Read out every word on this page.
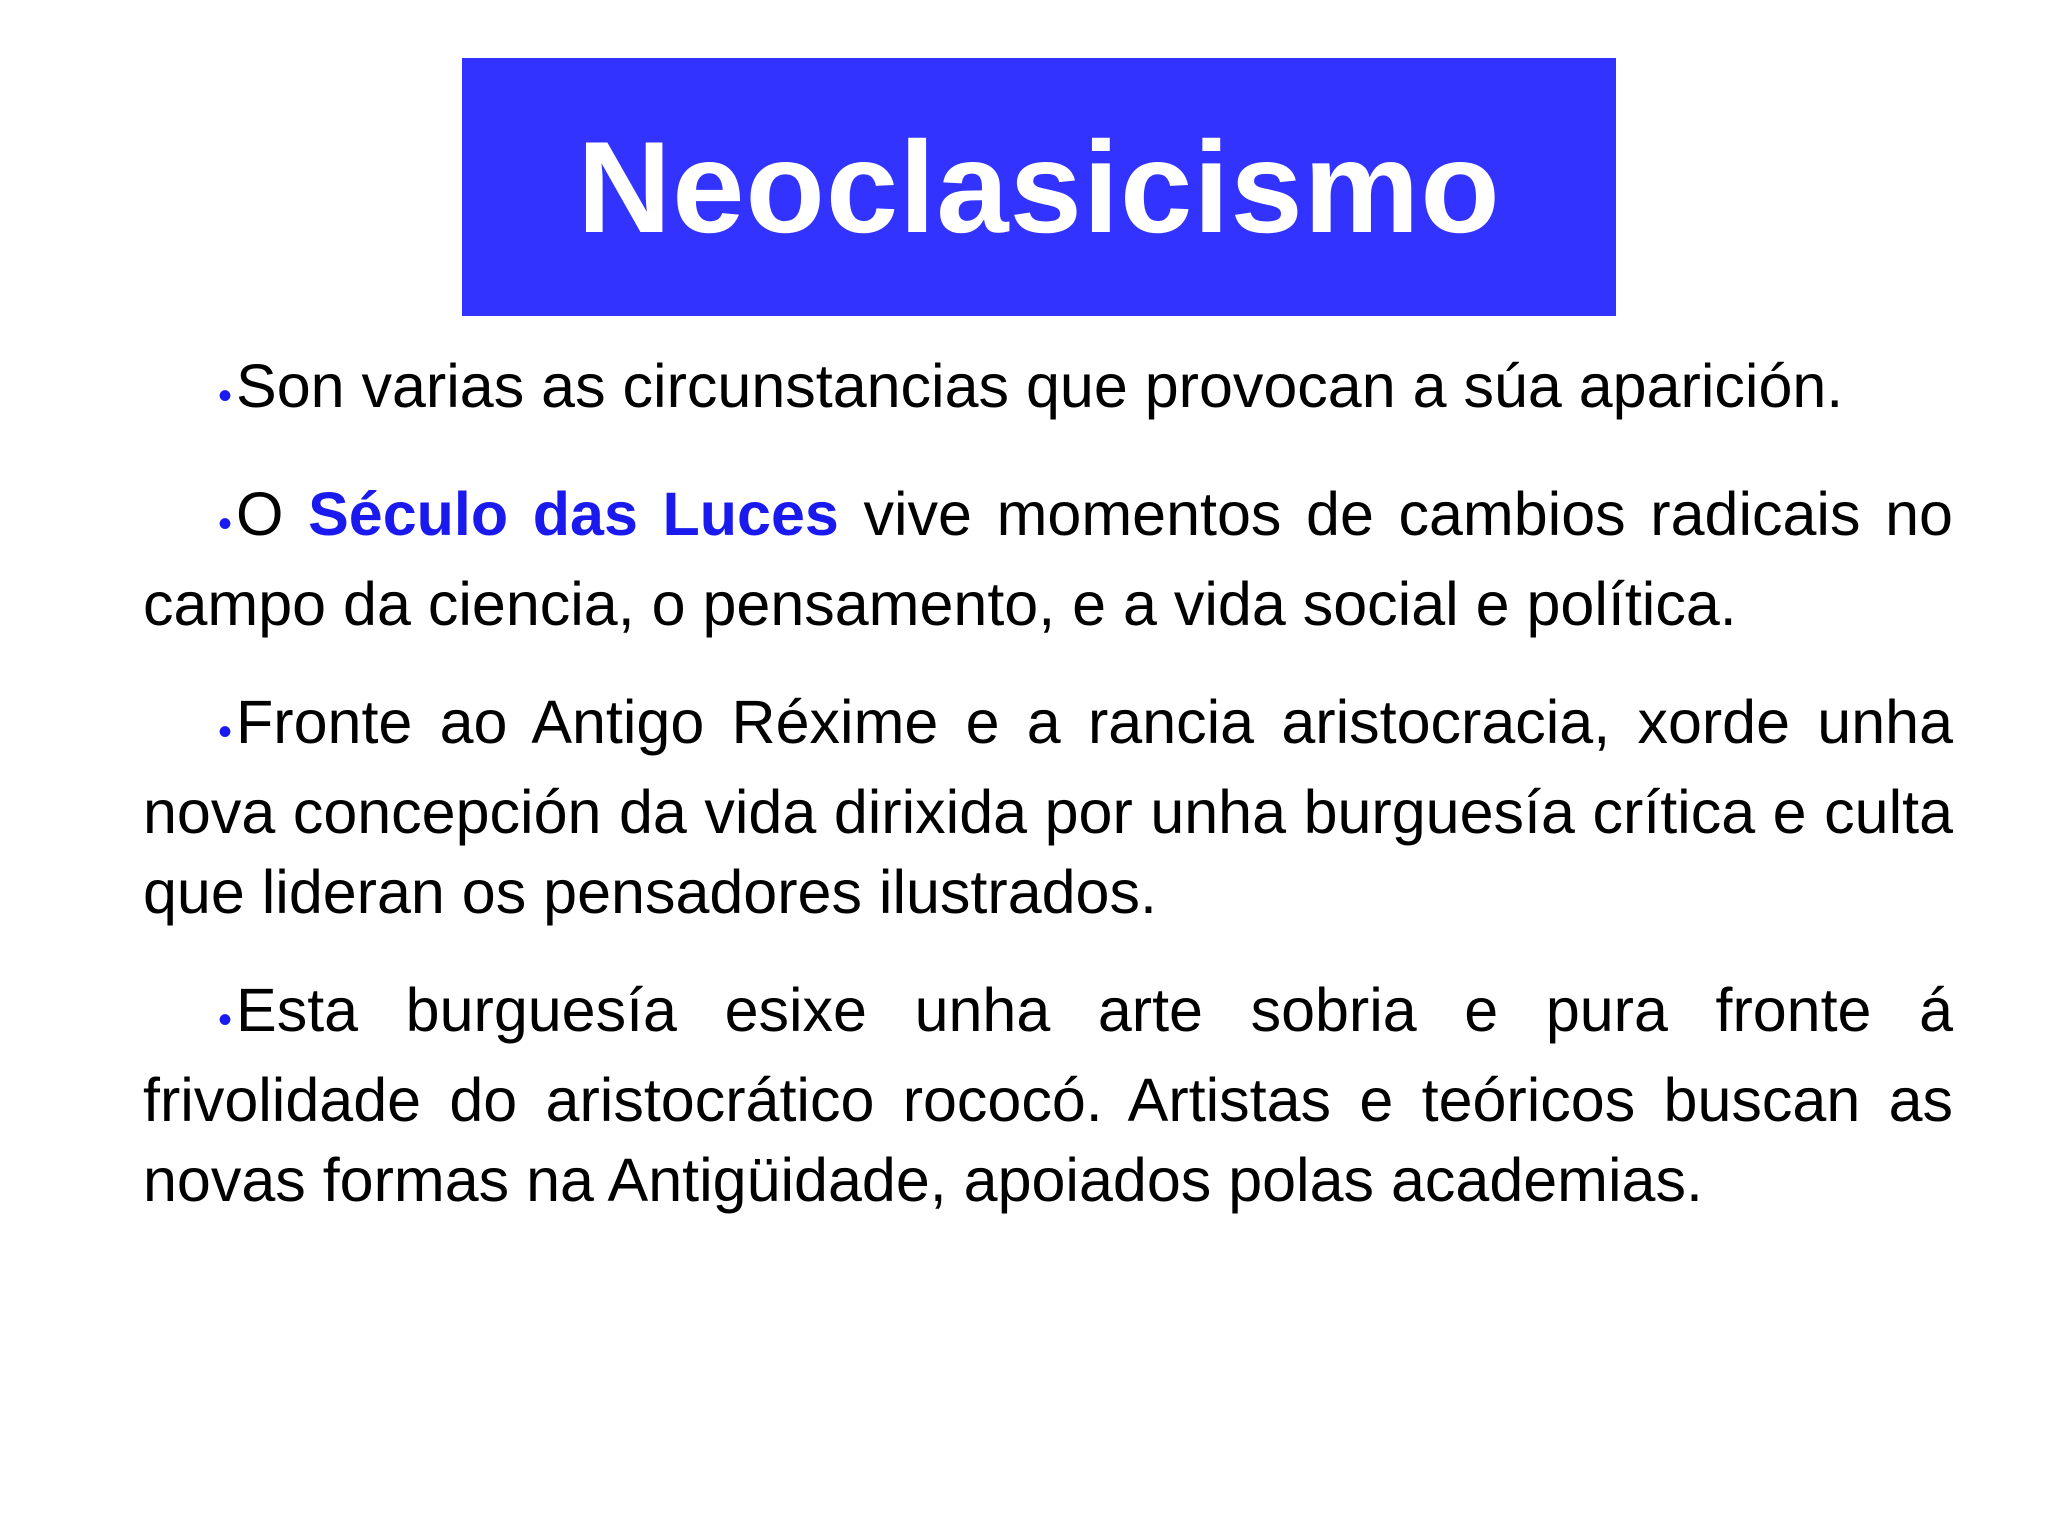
Neoclasicismo

•Son varias as circunstancias que provocan a súa aparición.

•O Século das Luces vive momentos de cambios radicais no campo da ciencia, o pensamento, e a vida social e política.

•Fronte ao Antigo Réxime e a rancia aristocracia, xorde unha nova concepción da vida dirixida por unha burguesía crítica e culta que lideran os pensadores ilustrados.

•Esta burguesía esixe unha arte sobria e pura fronte á frivolidade do aristocrático rococó. Artistas e teóricos buscan as novas formas na Antigüidade, apoiados polas academias.
